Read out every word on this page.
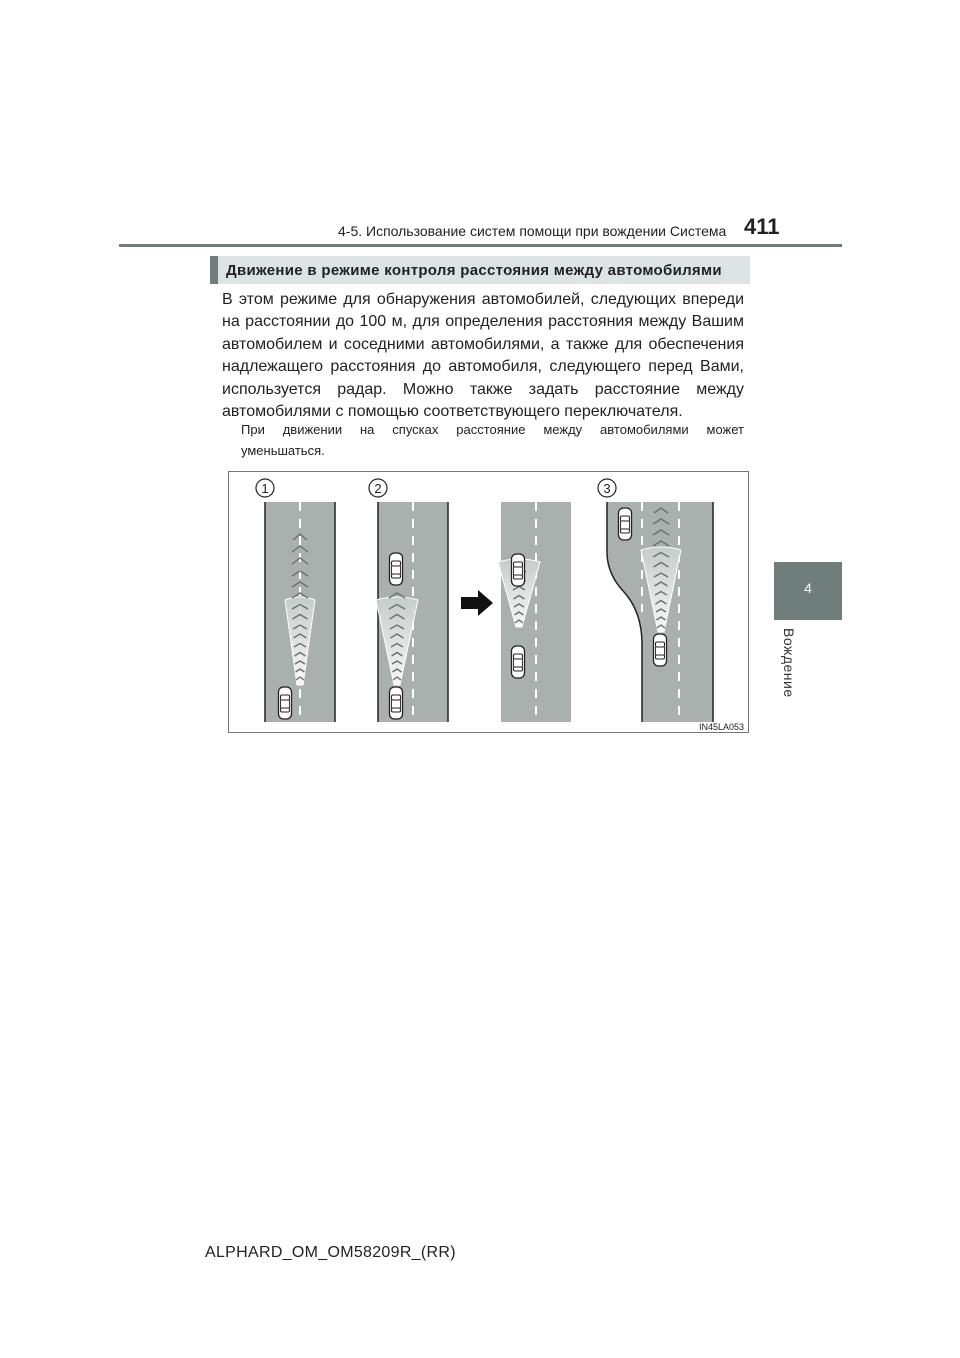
4-5. Использование систем помощи при вождении Система 411
4
Вождение
Движение в режиме контроля расстояния между автомобилями

В этом режиме для обнаружения автомобилей, следующих впереди на расстоянии до 100 м, для определения расстояния между Вашим автомобилем и соседними автомобилями, а также для обеспечения надлежащего расстояния до автомобиля, следующего перед Вами, используется радар. Можно также задать расстояние между автомобилями с помощью соответствующего переключателя.

При движении на спусках расстояние между автомобилями может уменьшаться.

1	2	3
IN45LA053
ALPHARD_OM_OM58209R_(RR)
